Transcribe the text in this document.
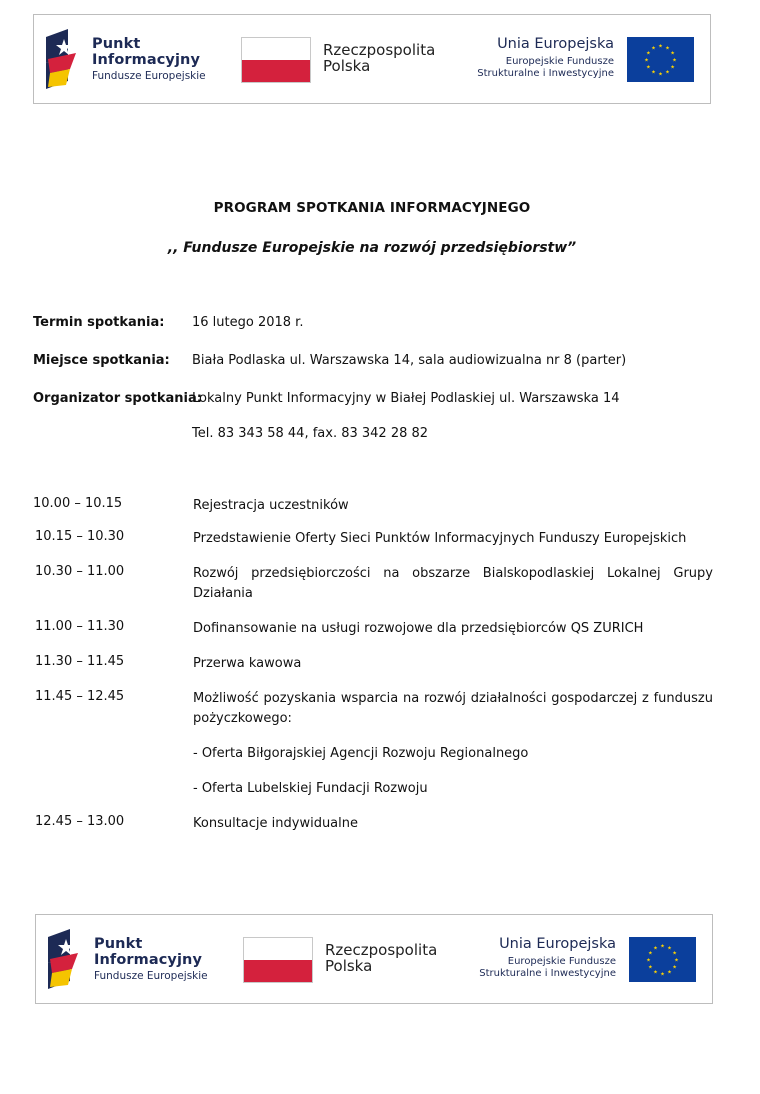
Punkt
Informacyjny
Fundusze Europejskie
Rzeczpospolita
Polska
Unia Europejska
Europejskie Fundusze
Strukturalne i Inwestycyjne
★ ★
★
★
★
★
★
★
★
★
★
★
PROGRAM SPOTKANIA INFORMACYJNEGO
,, Fundusze Europejskie na rozwój przedsiębiorstw”
Termin spotkania: 16 lutego 2018 r.
Miejsce spotkania: Biała Podlaska ul. Warszawska 14, sala audiowizualna nr 8 (parter)
Organizator spotkania:
Lokalny Punkt Informacyjny w Białej Podlaskiej ul. Warszawska 14
Tel. 83 343 58 44, fax. 83 342 28 82
10.00 – 10.15	Rejestracja uczestników
10.15 – 10.30	Przedstawienie Oferty Sieci Punktów Informacyjnych Funduszy Europejskich
10.30 – 11.00	Rozwój przedsiębiorczości na obszarze Bialskopodlaskiej Lokalnej Grupy Działania
11.00 – 11.30	Dofinansowanie na usługi rozwojowe dla przedsiębiorców QS ZURICH
11.30 – 11.45	Przerwa kawowa
11.45 – 12.45	Możliwość pozyskania wsparcia na rozwój działalności gospodarczej z funduszu pożyczkowego:
- Oferta Biłgorajskiej Agencji Rozwoju Regionalnego
- Oferta Lubelskiej Fundacji Rozwoju
12.45 – 13.00	Konsultacje indywidualne
Punkt
Informacyjny
Fundusze Europejskie
Rzeczpospolita
Polska
Unia Europejska
Europejskie Fundusze
Strukturalne i Inwestycyjne
★ ★
★
★
★
★
★
★
★
★
★
★
